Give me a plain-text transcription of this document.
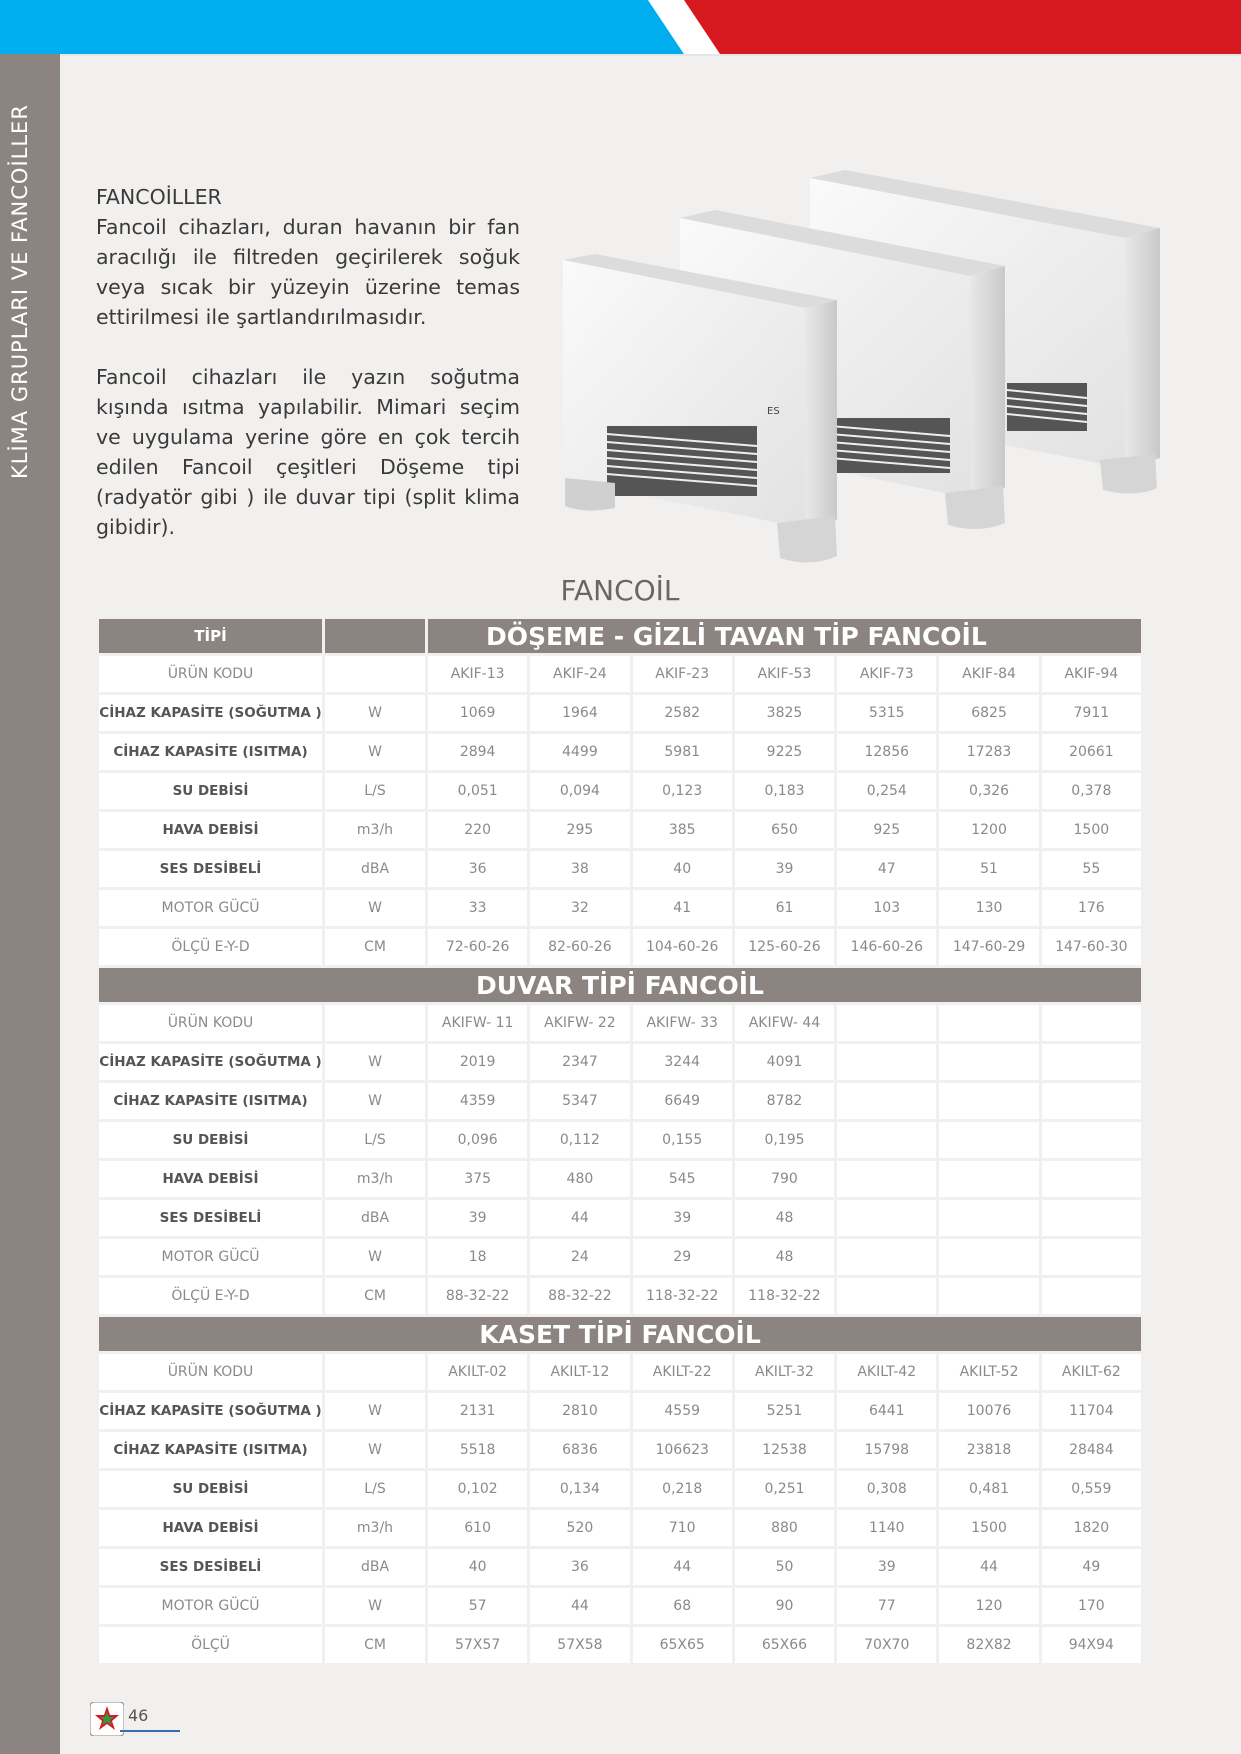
KLİMA GRUPLARI VE FANCOİLLER	FANCOİLLER

Fancoil cihazları, duran havanın bir fan aracılığı ile filtreden geçirilerek soğuk veya sıcak bir yüzeyin üzerine temas ettirilmesi ile şartlandırılmasıdır.

Fancoil cihazları ile yazın soğutma kışında ısıtma yapılabilir. Mimari seçim ve uygulama yerine göre en çok tercih edilen Fancoil çeşitleri Döşeme tipi (radyatör gibi ) ile duvar tipi (split klima gibidir).

ES
FANCOİL
TİPİ		DÖŞEME - GİZLİ TAVAN TİP FANCOİL						
ÜRÜN KODU		AKIF-13	AKIF-24	AKIF-23	AKIF-53	AKIF-73	AKIF-84	AKIF-94
CİHAZ KAPASİTE (SOĞUTMA )	W	1069	1964	2582	3825	5315	6825	7911
CİHAZ KAPASİTE (ISITMA)	W	2894	4499	5981	9225	12856	17283	20661
SU DEBİSİ	L/S	0,051	0,094	0,123	0,183	0,254	0,326	0,378
HAVA DEBİSİ	m3/h	220	295	385	650	925	1200	1500
SES DESİBELİ	dBA	36	38	40	39	47	51	55
MOTOR GÜCÜ	W	33	32	41	61	103	130	176
ÖLÇÜ E-Y-D	CM	72-60-26	82-60-26	104-60-26	125-60-26	146-60-26	147-60-29	147-60-30
DUVAR TİPİ FANCOİL								
ÜRÜN KODU		AKIFW- 11	AKIFW- 22	AKIFW- 33	AKIFW- 44			
CİHAZ KAPASİTE (SOĞUTMA )	W	2019	2347	3244	4091			
CİHAZ KAPASİTE (ISITMA)	W	4359	5347	6649	8782			
SU DEBİSİ	L/S	0,096	0,112	0,155	0,195			
HAVA DEBİSİ	m3/h	375	480	545	790			
SES DESİBELİ	dBA	39	44	39	48			
MOTOR GÜCÜ	W	18	24	29	48			
ÖLÇÜ E-Y-D	CM	88-32-22	88-32-22	118-32-22	118-32-22			
KASET TİPİ FANCOİL								
ÜRÜN KODU		AKILT-02	AKILT-12	AKILT-22	AKILT-32	AKILT-42	AKILT-52	AKILT-62
CİHAZ KAPASİTE (SOĞUTMA )	W	2131	2810	4559	5251	6441	10076	11704
CİHAZ KAPASİTE (ISITMA)	W	5518	6836	106623	12538	15798	23818	28484
SU DEBİSİ	L/S	0,102	0,134	0,218	0,251	0,308	0,481	0,559
HAVA DEBİSİ	m3/h	610	520	710	880	1140	1500	1820
SES DESİBELİ	dBA	40	36	44	50	39	44	49
MOTOR GÜCÜ	W	57	44	68	90	77	120	170
ÖLÇÜ	CM	57X57	57X58	65X65	65X66	70X70	82X82	94X94
46
